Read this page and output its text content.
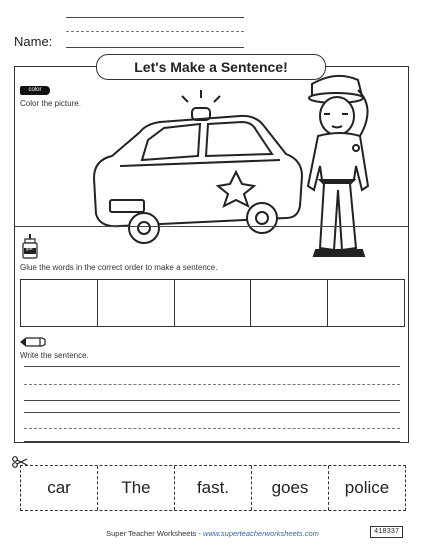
Name:
Let's Make a Sentence!
color
Color the picture.
glue
Glue the words in the correct order to make a sentence.
Write the sentence.
car	The	fast.	goes	police
Super Teacher Worksheets - www.superteacherworksheets.com	418337
